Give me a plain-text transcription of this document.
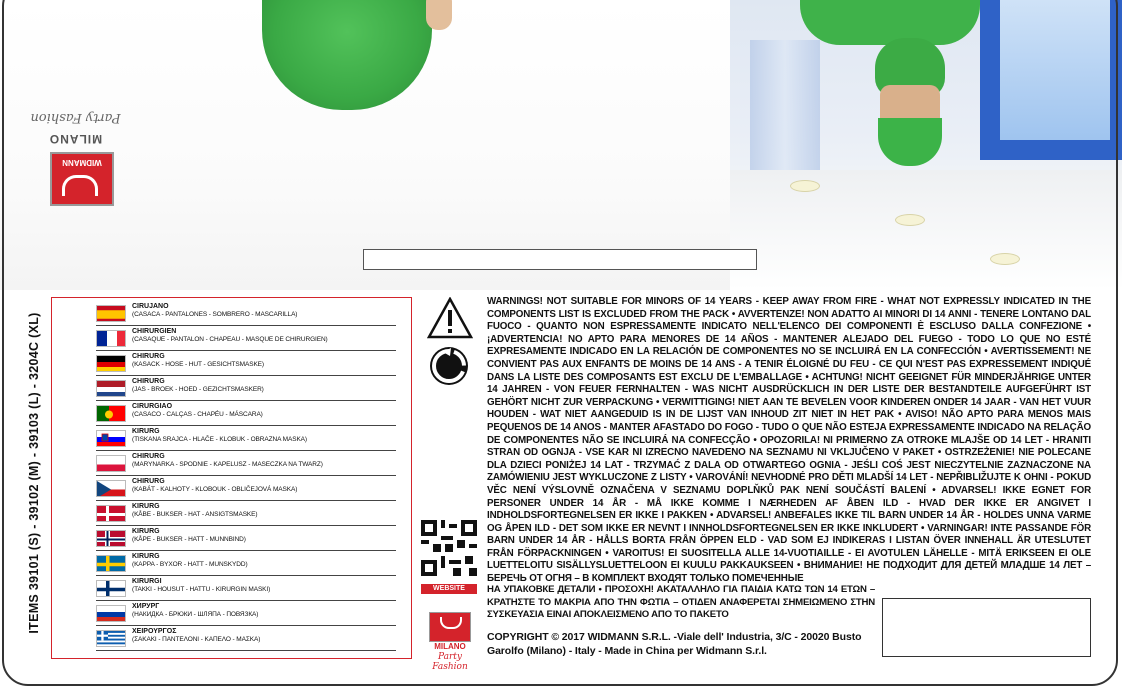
Party Fashion
MILANO
WIDMANN
ITEMS 39101 (S) - 39102 (M) - 39103 (L) - 3204C (XL)
CIRUJANO
(CASACA - PANTALONES - SOMBRERO - MASCARILLA)
CHIRURGIEN
(CASAQUE - PANTALON - CHAPEAU - MASQUE DE CHIRURGIEN)
CHIRURG
(KASACK - HOSE - HUT - GESICHTSMASKE)
CHIRURG
(JAS - BROEK - HOED - GEZICHTSMASKER)
CIRURGIAO
(CASACO - CALÇAS - CHAPÉU - MÁSCARA)
KIRURG
(TISKANA SRAJCA - HLAČE - KLOBUK - OBRAZNA MASKA)
CHIRURG
(MARYNARKA - SPODNIE - KAPELUSZ - MASECZKA NA TWARZ)
CHIRURG
(KABÁT - KALHOTY - KLOBOUK - OBLIČEJOVÁ MASKA)
KIRURG
(KÅBE - BUKSER - HAT - ANSIGTSMASKE)
KIRURG
(KÅPE - BUKSER - HATT - MUNNBIND)
KIRURG
(KAPPA - BYXOR - HATT - MUNSKYDD)
KIRURGI
(TAKKI - HOUSUT - HATTU - KIRURGIN MASKI)
ХИРУРГ
(НАКИДКА - БРЮКИ - ШЛЯПА - ПОВЯЗКА)
ΧΕΙΡΟΥΡΓΟΣ
(ΣΑΚΑΚΙ - ΠΑΝΤΕΛΟΝΙ - ΚΑΠΕΛΟ - ΜΑΣΚΑ)
WARNINGS! NOT SUITABLE FOR MINORS OF 14 YEARS - KEEP AWAY FROM FIRE - WHAT NOT EXPRESSLY INDICATED IN THE COMPONENTS LIST IS EXCLUDED FROM THE PACK • AVVERTENZE! NON ADATTO AI MINORI DI 14 ANNI - TENERE LONTANO DAL FUOCO - QUANTO NON ESPRESSAMENTE INDICATO NELL'ELENCO DEI COMPONENTI È ESCLUSO DALLA CONFEZIONE • ¡ADVERTENCIA! NO APTO PARA MENORES DE 14 AÑOS - MANTENER ALEJADO DEL FUEGO - TODO LO QUE NO ESTÉ EXPRESAMENTE INDICADO EN LA RELACIÓN DE COMPONENTES NO SE INCLUIRÁ EN LA CONFECCIÓN • AVERTISSEMENT! NE CONVIENT PAS AUX ENFANTS DE MOINS DE 14 ANS - A TENIR ÉLOIGNÉ DU FEU - CE QUI N'EST PAS EXPRESSEMENT INDIQUÉ DANS LA LISTE DES COMPOSANTS EST EXCLU DE L'EMBALLAGE • ACHTUNG! NICHT GEEIGNET FÜR MINDERJÄHRIGE UNTER 14 JAHREN - VON FEUER FERNHALTEN - WAS NICHT AUSDRÜCKLICH IN DER LISTE DER BESTANDTEILE AUFGEFÜHRT IST GEHÖRT NICHT ZUR VERPACKUNG • VERWITTIGING! NIET AAN TE BEVELEN VOOR KINDEREN ONDER 14 JAAR - VAN HET VUUR HOUDEN - WAT NIET AANGEDUID IS IN DE LIJST VAN INHOUD ZIT NIET IN HET PAK • AVISO! NÃO APTO PARA MENOS MAIS PEQUENOS DE 14 ANOS - MANTER AFASTADO DO FOGO - TUDO O QUE NÃO ESTEJA EXPRESSAMENTE INDICADO NA RELAÇÃO DE COMPONENTES NÃO SE INCLUIRÁ NA CONFECÇÃO • OPOZORILA! NI PRIMERNO ZA OTROKE MLAJŠE OD 14 LET - HRANITI STRAN OD OGNJA - VSE KAR NI IZRECNO NAVEDENO NA SEZNAMU NI VKLJUČENO V PAKET • OSTRZEŻENIE! NIE POLECANE DLA DZIECI PONIŻEJ 14 LAT - TRZYMAĆ Z DALA OD OTWARTEGO OGNIA - JEŚLI COŚ JEST NIECZYTELNIE ZAZNACZONE NA ZAMÓWIENIU JEST WYKLUCZONE Z LISTY • VAROVÁNÍ! NEVHODNÉ PRO DĚTI MLADŠÍ 14 LET - NEPŘIBLIŽUJTE K OHNI - POKUD VĚC NENÍ VÝSLOVNĚ OZNAČENA V SEZNAMU DOPLŇKŮ PAK NENÍ SOUČÁSTÍ BALENÍ • ADVARSEL! IKKE EGNET FOR PERSONER UNDER 14 ÅR - MÅ IKKE KOMME I NÆRHEDEN AF ÅBEN ILD - HVAD DER IKKE ER ANGIVET I INDHOLDSFORTEGNELSEN ER IKKE I PAKKEN • ADVARSEL! ANBEFALES IKKE TIL BARN UNDER 14 ÅR - HOLDES UNNA VARME OG ÅPEN ILD - DET SOM IKKE ER NEVNT I INNHOLDSFORTEGNELSEN ER IKKE INKLUDERT • VARNINGAR! INTE PASSANDE FÖR BARN UNDER 14 ÅR - HÅLLS BORTA FRÅN ÖPPEN ELD - VAD SOM EJ INDIKERAS I LISTAN ÖVER INNEHALL ÄR UTESLUTET FRÅN FÖRPACKNINGEN • VAROITUS! EI SUOSITELLA ALLE 14-VUOTIAILLE - EI AVOTULEN LÄHELLE - MITÄ ERIKSEEN EI OLE LUETTELOITU SISÄLLYSLUETTELOON EI KUULU PAKKAUKSEEN • ВНИМАНИЕ! НЕ ПОДХОДИТ ДЛЯ ДЕТЕЙ МЛАДШЕ 14 ЛЕТ – БЕРЕЧЬ ОТ ОГНЯ – В КОМПЛЕКТ ВХОДЯТ ТОЛЬКО ПОМЕЧЕННЫЕ
WEBSITE
MILANO
Party Fashion
НА УПАКОВКЕ ДЕТАЛИ • ΠΡΟΣΟΧΗ! ΑΚΑΤΑΛΛΗΛΟ ΓΙΑ ΠΑΙΔΙΑ ΚΑΤΩ ΤΩΝ 14 ΕΤΩΝ – ΚΡΑΤΗΣΤΕ ΤΟ ΜΑΚΡΙΑ ΑΠΟ ΤΗΝ ΦΩΤΙΑ – ΟΤΙΔΕΝ ΑΝΑΦΕΡΕΤΑΙ ΣΗΜΕΙΩΜΕΝΟ ΣΤΗΝ ΣΥΣΚΕΥΑΣΙΑ ΕΙΝΑΙ ΑΠΟΚΛΕΙΣΜΕΝΟ ΑΠΟ ΤΟ ΠΑΚΕΤΟ
COPYRIGHT © 2017 WIDMANN S.R.L. -Viale dell' Industria, 3/C - 20020 Busto Garolfo (Milano) - Italy - Made in China per Widmann S.r.l.
